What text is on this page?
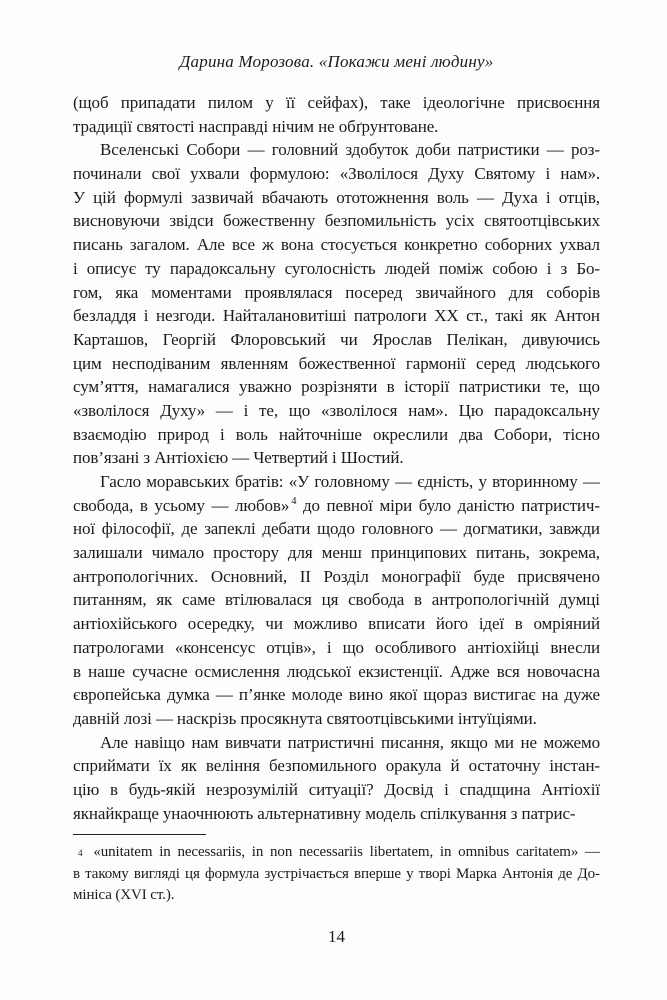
Дарина Морозова. «Покажи мені людину»
(щоб припадати пилом у її сейфах), таке ідеологічне присвоєння
традиції святості насправді нічим не обґрунтоване.
Вселенські Собори — головний здобуток доби патристики — роз-
починали свої ухвали формулою: «Зволілося Духу Святому і нам».
У цій формулі зазвичай вбачають ототожнення воль — Духа і отців,
висновуючи звідси божественну безпомильність усіх святоотцівських
писань загалом. Але все ж вона стосується конкретно соборних ухвал
і описує ту парадоксальну суголосність людей поміж собою і з Бо-
гом, яка моментами проявлялася посеред звичайного для соборів
безладдя і незгоди. Найталановитіші патрологи ХХ ст., такі як Антон
Карташов, Георгій Флоровський чи Ярослав Пелікан, дивуючись
цим несподіваним явленням божественної гармонії серед людського
сум’яття, намагалися уважно розрізняти в історії патристики те, що
«зволілося Духу» — і те, що «зволілося нам». Цю парадоксальну
взаємодію природ і воль найточніше окреслили два Собори, тісно
пов’язані з Антіохією — Четвертий і Шостий.
Гасло моравських братів: «У головному — єдність, у вторинному —
свобода, в усьому — любов» $^4$ до певної міри було даністю патристич-
ної філософії, де запеклі дебати щодо головного — догматики, завжди
залишали чимало простору для менш принципових питань, зокрема,
антропологічних. Основний, ІІ Розділ монографії буде присвячено
питанням, як саме втілювалася ця свобода в антропологічній думці
антіохійського осередку, чи можливо вписати його ідеї в омріяний
патрологами «консенсус отців», і що особливого антіохійці внесли
в наше сучасне осмислення людської екзистенції. Адже вся новочасна
європейська думка — п’янке молоде вино якої щораз вистигає на дуже
давній лозі — наскрізь просякнута святоотцівськими інтуїціями.
Але навіщо нам вивчати патристичні писання, якщо ми не можемо
сприймати їх як веління безпомильного оракула й остаточну інстан-
цію в будь-якій незрозумілій ситуації? Досвід і спадщина Антіохії
якнайкраще унаочнюють альтернативну модель спілкування з патрис-
4 «unitatem in necessariis, in non necessariis libertatem, in omnibus caritatem» —
в такому вигляді ця формула зустрічається вперше у творі Марка Антонія де До-
мініса (XVI ст.).
14
